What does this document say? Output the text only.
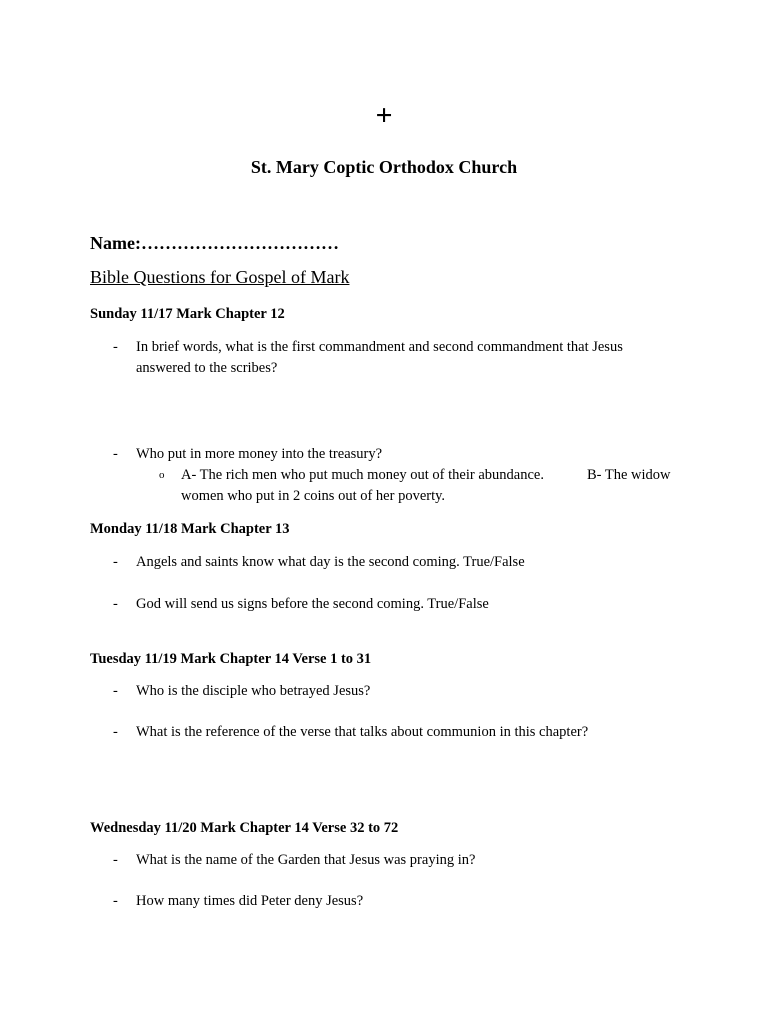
+
St. Mary Coptic Orthodox Church
Name:……………………………
Bible Questions for Gospel of Mark
Sunday 11/17 Mark Chapter 12
- In brief words, what is the first commandment and second commandment that Jesus
answered to the scribes?
- Who put in more money into the treasury?
o A- The rich men who put much money out of their abundance.	B- The widow
women who put in 2 coins out of her poverty.
Monday 11/18 Mark Chapter 13
- Angels and saints know what day is the second coming. True/False
- God will send us signs before the second coming. True/False
Tuesday 11/19 Mark Chapter 14 Verse 1 to 31
- Who is the disciple who betrayed Jesus?
- What is the reference of the verse that talks about communion in this chapter?
Wednesday 11/20 Mark Chapter 14 Verse 32 to 72
- What is the name of the Garden that Jesus was praying in?
- How many times did Peter deny Jesus?
